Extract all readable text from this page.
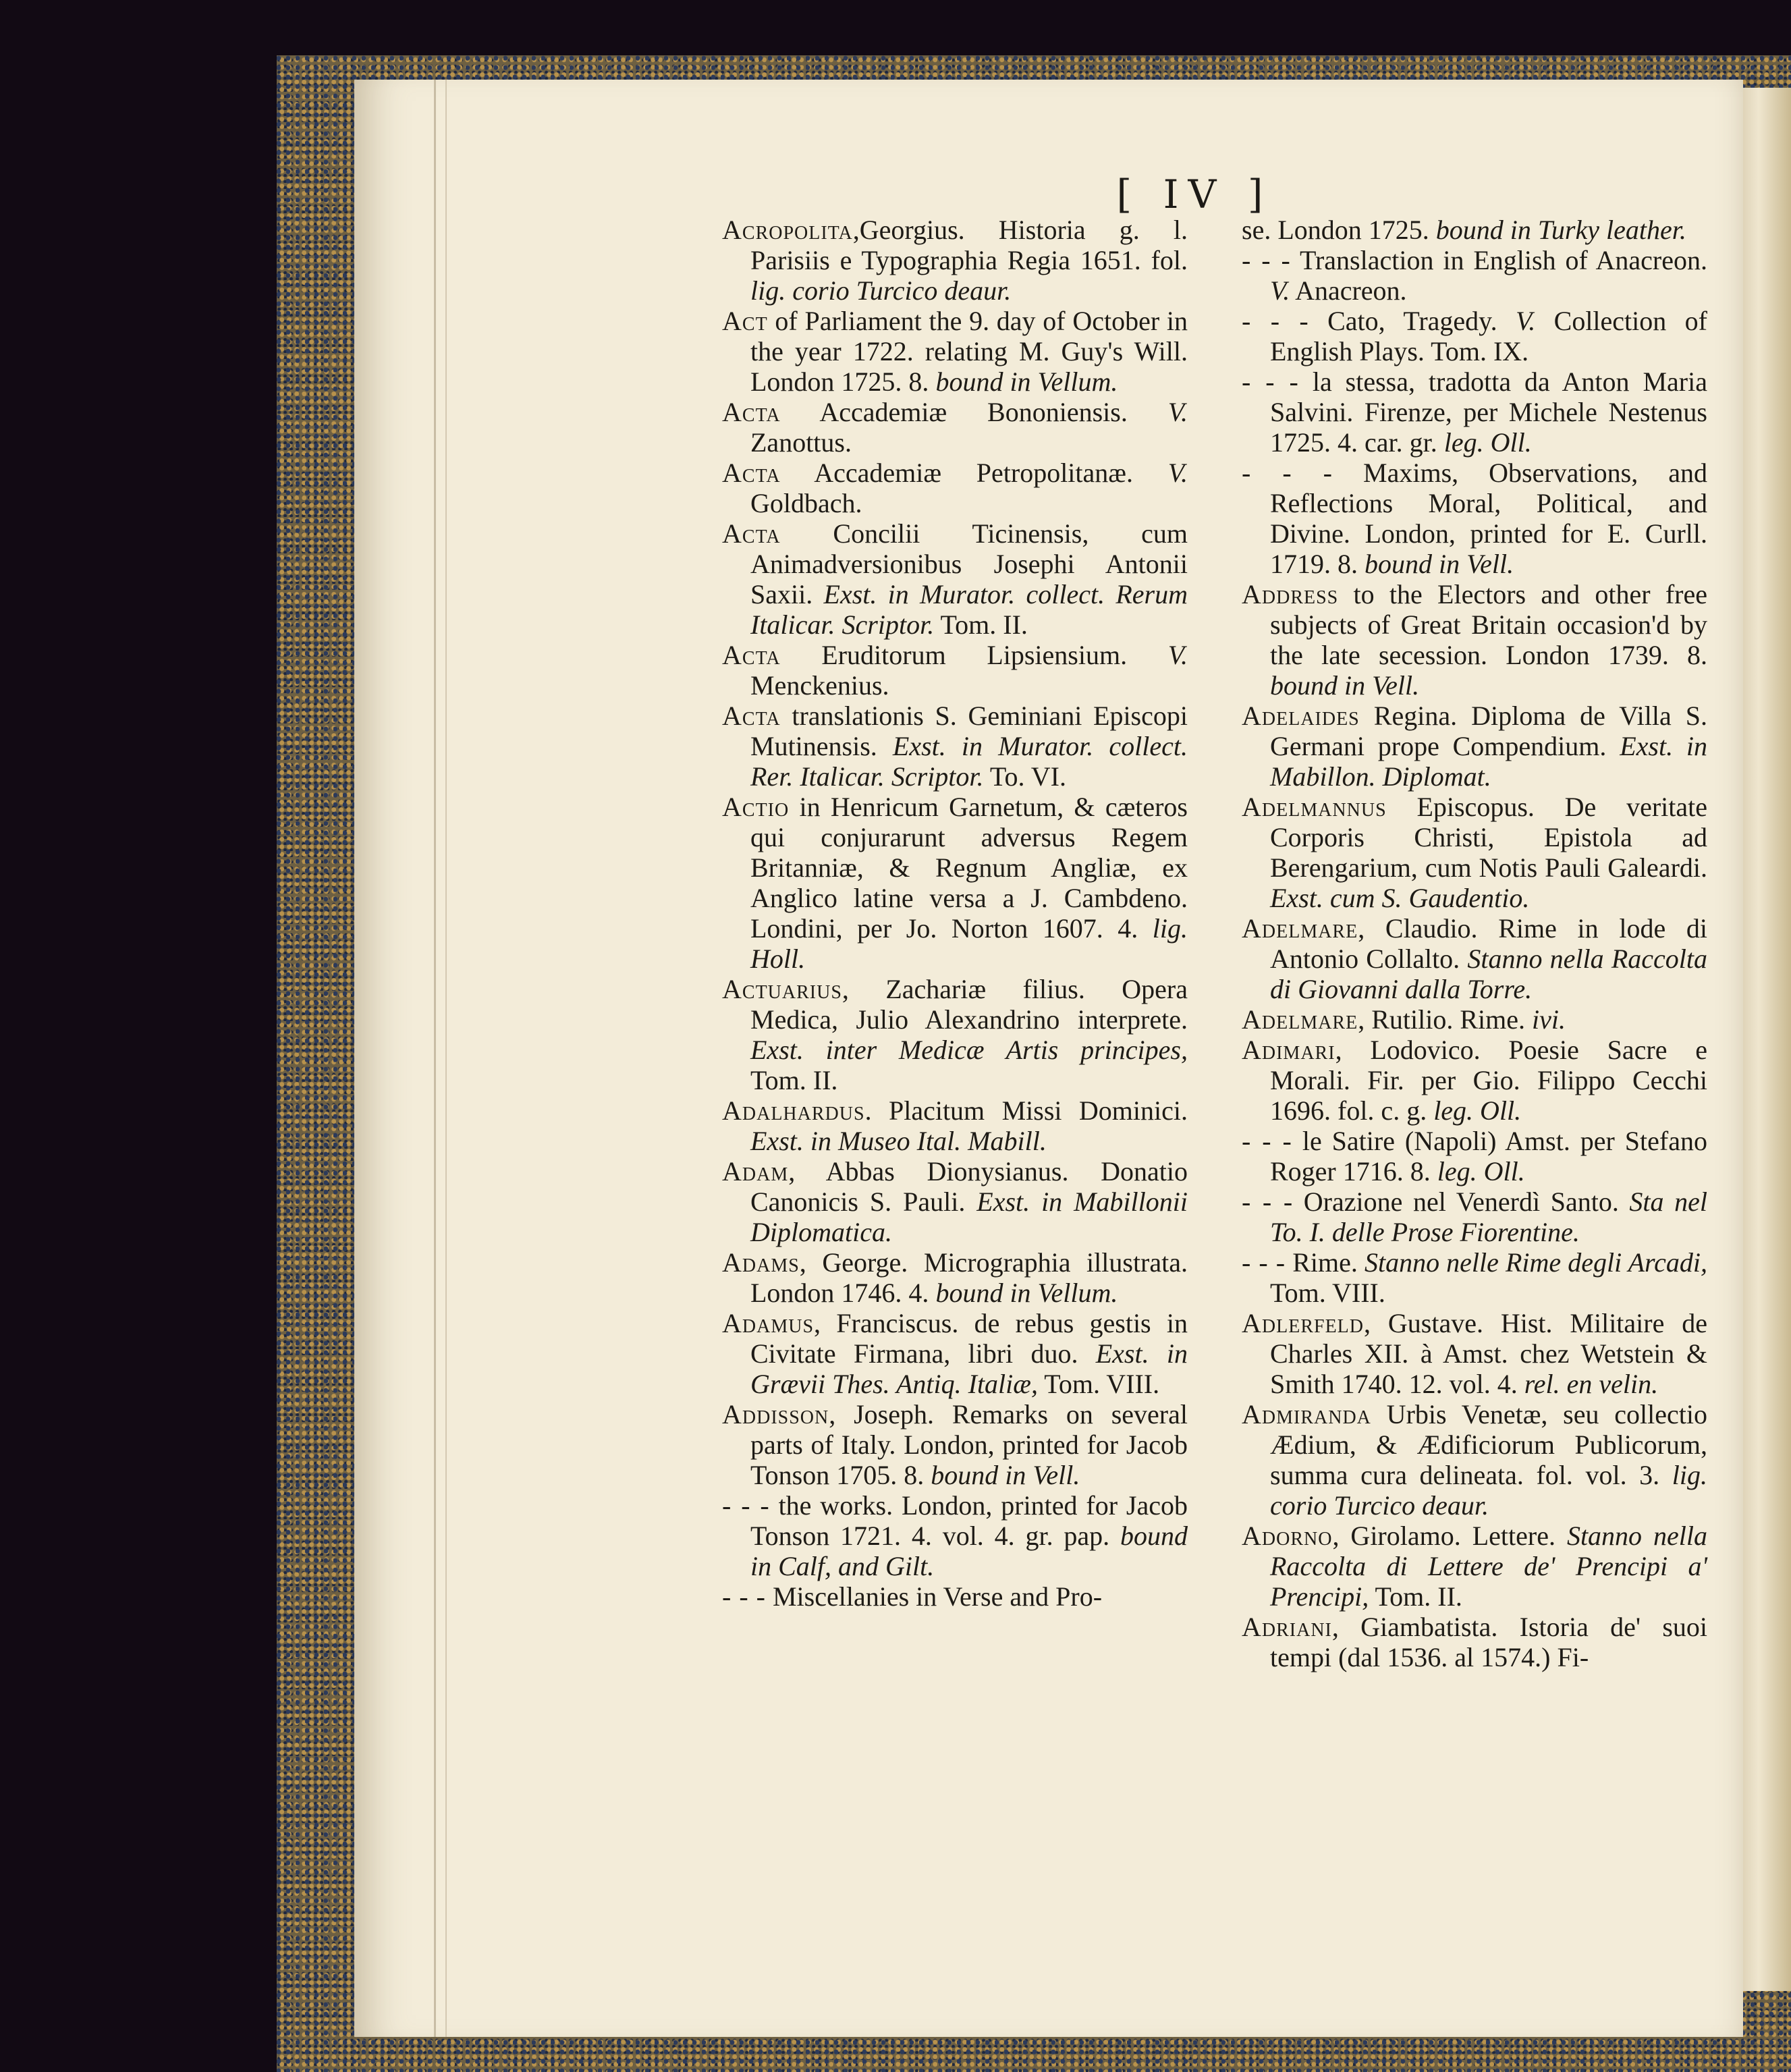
[ IV ]

Acropolita,Georgius. Historia g. l. Parisiis e Typographia Regia 1651. fol. lig. corio Turcico deaur.

Act of Parliament the 9. day of October in the year 1722. relating M. Guy's Will. London 1725. 8. bound in Vellum.

Acta Accademiæ Bononiensis. V. Zanottus.

Acta Accademiæ Petropolitanæ. V. Goldbach.

Acta Concilii Ticinensis, cum Animadversionibus Josephi Antonii Saxii. Exst. in Murator. collect. Rerum Italicar. Scriptor. Tom. II.

Acta Eruditorum Lipsiensium. V. Menckenius.

Acta translationis S. Geminiani Episcopi Mutinensis. Exst. in Murator. collect. Rer. Italicar. Scriptor. To. VI.

Actio in Henricum Garnetum, & cæteros qui conjurarunt adversus Regem Britanniæ, & Regnum Angliæ, ex Anglico latine versa a J. Cambdeno. Londini, per Jo. Norton 1607. 4. lig. Holl.

Actuarius, Zachariæ filius. Opera Medica, Julio Alexandrino interprete. Exst. inter Medicæ Artis principes, Tom. II.

Adalhardus. Placitum Missi Dominici. Exst. in Museo Ital. Mabill.

Adam, Abbas Dionysianus. Donatio Canonicis S. Pauli. Exst. in Mabillonii Diplomatica.

Adams, George. Micrographia illustrata. London 1746. 4. bound in Vellum.

Adamus, Franciscus. de rebus gestis in Civitate Firmana, libri duo. Exst. in Grævii Thes. Antiq. Italiæ, Tom. VIII.

Addisson, Joseph. Remarks on several parts of Italy. London, printed for Jacob Tonson 1705. 8. bound in Vell.

- - - the works. London, printed for Jacob Tonson 1721. 4. vol. 4. gr. pap. bound in Calf, and Gilt.

- - - Miscellanies in Verse and Pro-

se. London 1725. bound in Turky leather.

- - - Translaction in English of Anacreon. V. Anacreon.

- - - Cato, Tragedy. V. Collection of English Plays. Tom. IX.

- - - la stessa, tradotta da Anton Maria Salvini. Firenze, per Michele Nestenus 1725. 4. car. gr. leg. Oll.

- - - Maxims, Observations, and Reflections Moral, Political, and Divine. London, printed for E. Curll. 1719. 8. bound in Vell.

Address to the Electors and other free subjects of Great Britain occasion'd by the late secession. London 1739. 8. bound in Vell.

Adelaides Regina. Diploma de Villa S. Germani prope Compendium. Exst. in Mabillon. Diplomat.

Adelmannus Episcopus. De veritate Corporis Christi, Epistola ad Berengarium, cum Notis Pauli Galeardi. Exst. cum S. Gaudentio.

Adelmare, Claudio. Rime in lode di Antonio Collalto. Stanno nella Raccolta di Giovanni dalla Torre.

Adelmare, Rutilio. Rime. ivi.

Adimari, Lodovico. Poesie Sacre e Morali. Fir. per Gio. Filippo Cecchi 1696. fol. c. g. leg. Oll.

- - - le Satire (Napoli) Amst. per Stefano Roger 1716. 8. leg. Oll.

- - - Orazione nel Venerdì Santo. Sta nel To. I. delle Prose Fiorentine.

- - - Rime. Stanno nelle Rime degli Arcadi, Tom. VIII.

Adlerfeld, Gustave. Hist. Militaire de Charles XII. à Amst. chez Wetstein & Smith 1740. 12. vol. 4. rel. en velin.

Admiranda Urbis Venetæ, seu collectio Ædium, & Ædificiorum Publicorum, summa cura delineata. fol. vol. 3. lig. corio Turcico deaur.

Adorno, Girolamo. Lettere. Stanno nella Raccolta di Lettere de' Prencipi a' Prencipi, Tom. II.

Adriani, Giambatista. Istoria de' suoi tempi (dal 1536. al 1574.) Fi-
